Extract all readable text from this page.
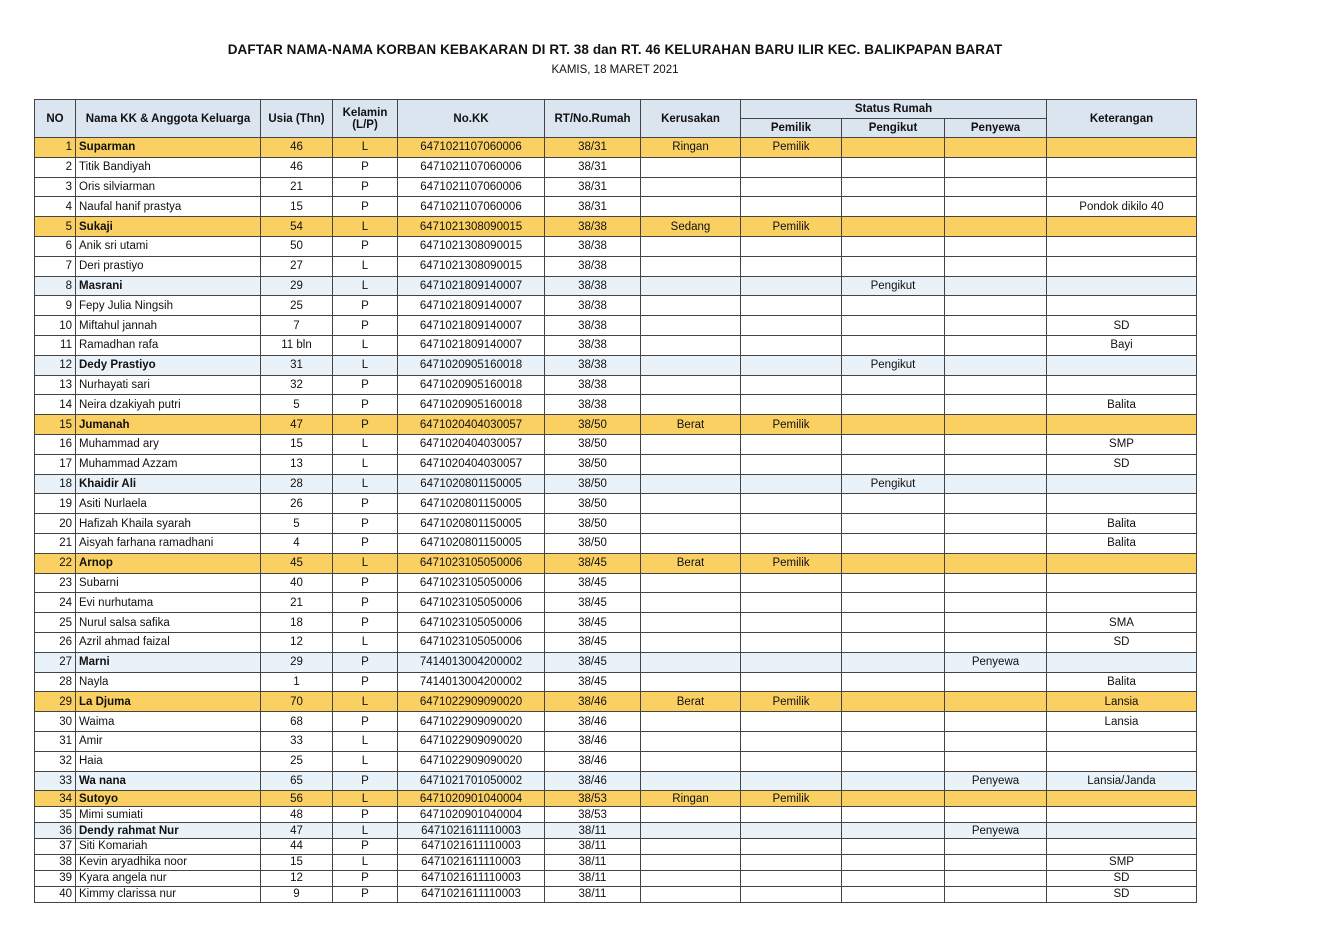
DAFTAR NAMA-NAMA KORBAN KEBAKARAN DI RT. 38 dan RT. 46 KELURAHAN BARU ILIR KEC. BALIKPAPAN BARAT
KAMIS, 18 MARET 2021
NO	Nama KK & Anggota Keluarga	Usia (Thn)	Kelamin
(L/P)	No.KK	RT/No.Rumah	Kerusakan	Status Rumah			Keterangan
							Pemilik	Pengikut	Penyewa	
1	Suparman	46	L	6471021107060006	38/31	Ringan	Pemilik			
2	Titik Bandiyah	46	P	6471021107060006	38/31					
3	Oris silviarman	21	P	6471021107060006	38/31					
4	Naufal hanif prastya	15	P	6471021107060006	38/31					Pondok dikilo 40
5	Sukaji	54	L	6471021308090015	38/38	Sedang	Pemilik			
6	Anik sri utami	50	P	6471021308090015	38/38					
7	Deri prastiyo	27	L	6471021308090015	38/38					
8	Masrani	29	L	6471021809140007	38/38			Pengikut		
9	Fepy Julia Ningsih	25	P	6471021809140007	38/38					
10	Miftahul jannah	7	P	6471021809140007	38/38					SD
11	Ramadhan rafa	11 bln	L	6471021809140007	38/38					Bayi
12	Dedy Prastiyo	31	L	6471020905160018	38/38			Pengikut		
13	Nurhayati sari	32	P	6471020905160018	38/38					
14	Neira dzakiyah putri	5	P	6471020905160018	38/38					Balita
15	Jumanah	47	P	6471020404030057	38/50	Berat	Pemilik			
16	Muhammad ary	15	L	6471020404030057	38/50					SMP
17	Muhammad Azzam	13	L	6471020404030057	38/50					SD
18	Khaidir Ali	28	L	6471020801150005	38/50			Pengikut		
19	Asiti Nurlaela	26	P	6471020801150005	38/50					
20	Hafizah Khaila syarah	5	P	6471020801150005	38/50					Balita
21	Aisyah farhana ramadhani	4	P	6471020801150005	38/50					Balita
22	Arnop	45	L	6471023105050006	38/45	Berat	Pemilik			
23	Subarni	40	P	6471023105050006	38/45					
24	Evi nurhutama	21	P	6471023105050006	38/45					
25	Nurul salsa safika	18	P	6471023105050006	38/45					SMA
26	Azril ahmad faizal	12	L	6471023105050006	38/45					SD
27	Marni	29	P	7414013004200002	38/45				Penyewa	
28	Nayla	1	P	7414013004200002	38/45					Balita
29	La Djuma	70	L	6471022909090020	38/46	Berat	Pemilik			Lansia
30	Waima	68	P	6471022909090020	38/46					Lansia
31	Amir	33	L	6471022909090020	38/46					
32	Haia	25	L	6471022909090020	38/46					
33	Wa nana	65	P	6471021701050002	38/46				Penyewa	Lansia/Janda
34	Sutoyo	56	L	6471020901040004	38/53	Ringan	Pemilik			
35	Mimi sumiati	48	P	6471020901040004	38/53					
36	Dendy rahmat Nur	47	L	6471021611110003	38/11				Penyewa	
37	Siti Komariah	44	P	6471021611110003	38/11					
38	Kevin aryadhika noor	15	L	6471021611110003	38/11					SMP
39	Kyara angela nur	12	P	6471021611110003	38/11					SD
40	Kimmy clarissa nur	9	P	6471021611110003	38/11					SD
